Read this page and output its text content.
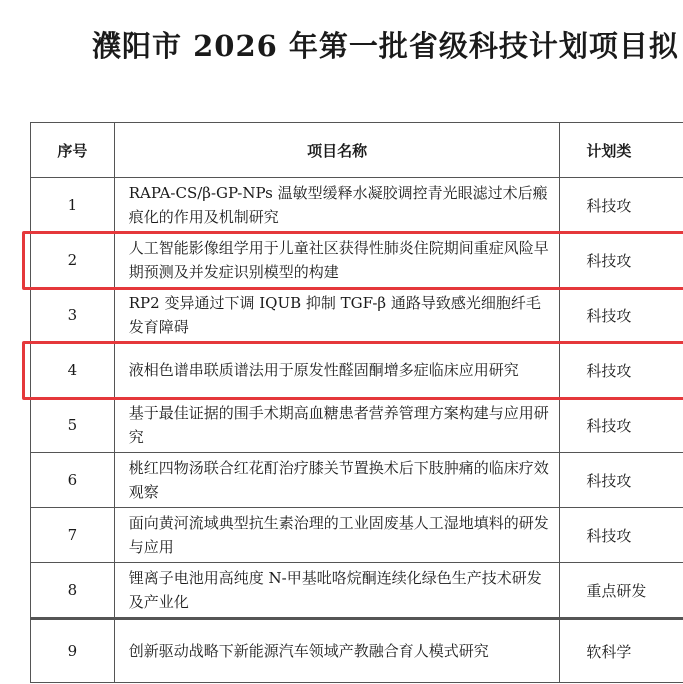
濮阳市 2026 年第一批省级科技计划项目拟
序号	项目名称	计划类
1	RAPA-CS/β-GP-NPs 温敏型缓释水凝胶调控青光眼滤过术后瘢痕化的作用及机制研究	科技攻
2	人工智能影像组学用于儿童社区获得性肺炎住院期间重症风险早期预测及并发症识别模型的构建	科技攻
3	RP2 变异通过下调 IQUB 抑制 TGF-β 通路导致感光细胞纤毛发育障碍	科技攻
4	液相色谱串联质谱法用于原发性醛固酮增多症临床应用研究	科技攻
5	基于最佳证据的围手术期高血糖患者营养管理方案构建与应用研究	科技攻
6	桃红四物汤联合红花酊治疗膝关节置换术后下肢肿痛的临床疗效观察	科技攻
7	面向黄河流域典型抗生素治理的工业固废基人工湿地填料的研发与应用	科技攻
8	锂离子电池用高纯度 N-甲基吡咯烷酮连续化绿色生产技术研发及产业化	重点研发
9	创新驱动战略下新能源汽车领域产教融合育人模式研究	软科学
